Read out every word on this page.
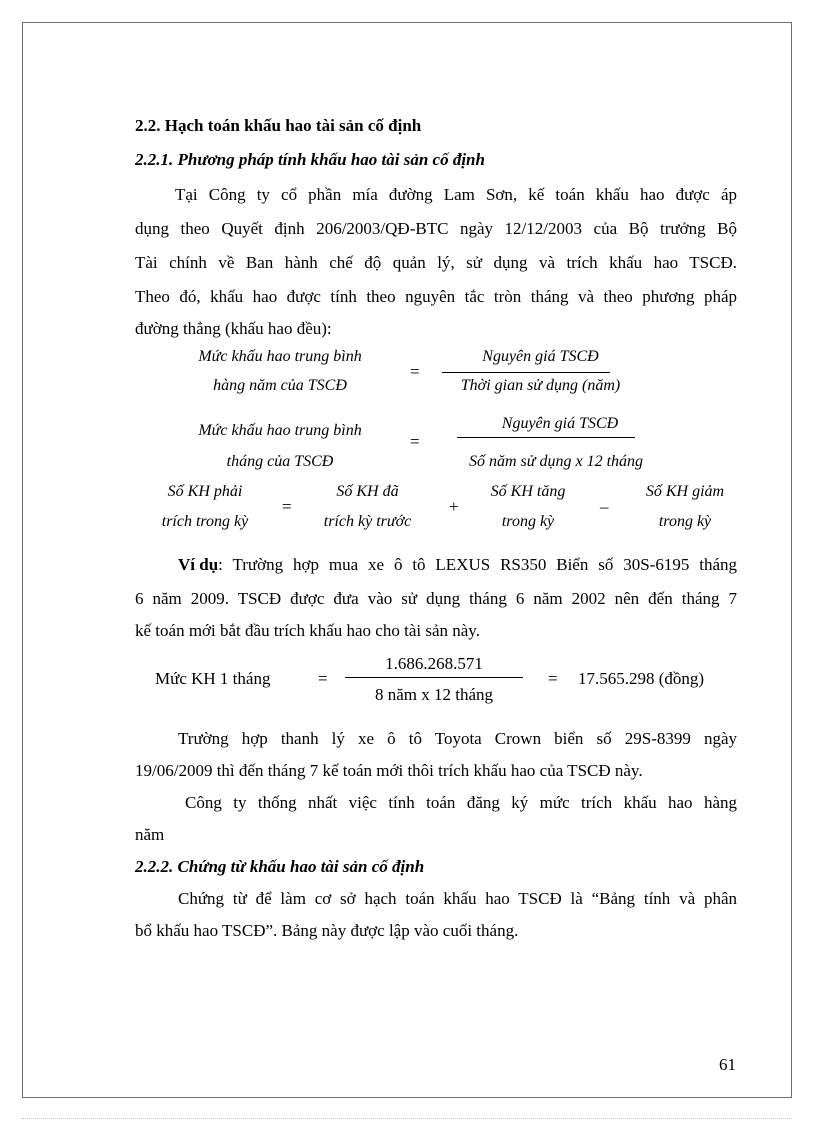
2.2. Hạch toán khấu hao tài sản cố định
2.2.1. Phương pháp tính khấu hao tài sản cố định
Tại Công ty cổ phần mía đường Lam Sơn, kế toán khấu hao được áp
dụng theo Quyết định 206/2003/QĐ-BTC ngày 12/12/2003 của Bộ trưởng Bộ
Tài chính về Ban hành chế độ quản lý, sử dụng và trích khấu hao TSCĐ.
Theo đó, khấu hao được tính theo nguyên tắc tròn tháng và theo phương pháp
đường thẳng (khấu hao đều):
Mức khấu hao trung bình
hàng năm của TSCĐ
=
Nguyên giá TSCĐ
Thời gian sử dụng (năm)
Mức khấu hao trung bình
tháng của TSCĐ
=
Nguyên giá TSCĐ
Số năm sử dụng x 12 tháng
Số KH phải
trích trong kỳ
=
Số KH đã
trích kỳ trước
+
Số KH tăng
trong kỳ
–
Số KH giảm
trong kỳ
Ví dụ : Trường hợp mua xe ô tô LEXUS RS350 Biển số 30S-6195 tháng
6 năm 2009. TSCĐ được đưa vào sử dụng tháng 6 năm 2002 nên đến tháng 7
kế toán mới bắt đầu trích khấu hao cho tài sản này.
Mức KH 1 tháng	=
1.686.268.571
8 năm x 12 tháng
= 17.565.298 (đồng)
Trường hợp thanh lý xe ô tô Toyota Crown biển số 29S-8399 ngày
19/06/2009 thì đến tháng 7 kế toán mới thôi trích khấu hao của TSCĐ này.
Công ty thống nhất việc tính toán đăng ký mức trích khấu hao hàng
năm
2.2.2. Chứng từ khấu hao tài sản cố định
Chứng từ để làm cơ sở hạch toán khấu hao TSCĐ là “Bảng tính và phân
bổ khấu hao TSCĐ”. Bảng này được lập vào cuối tháng.
61
